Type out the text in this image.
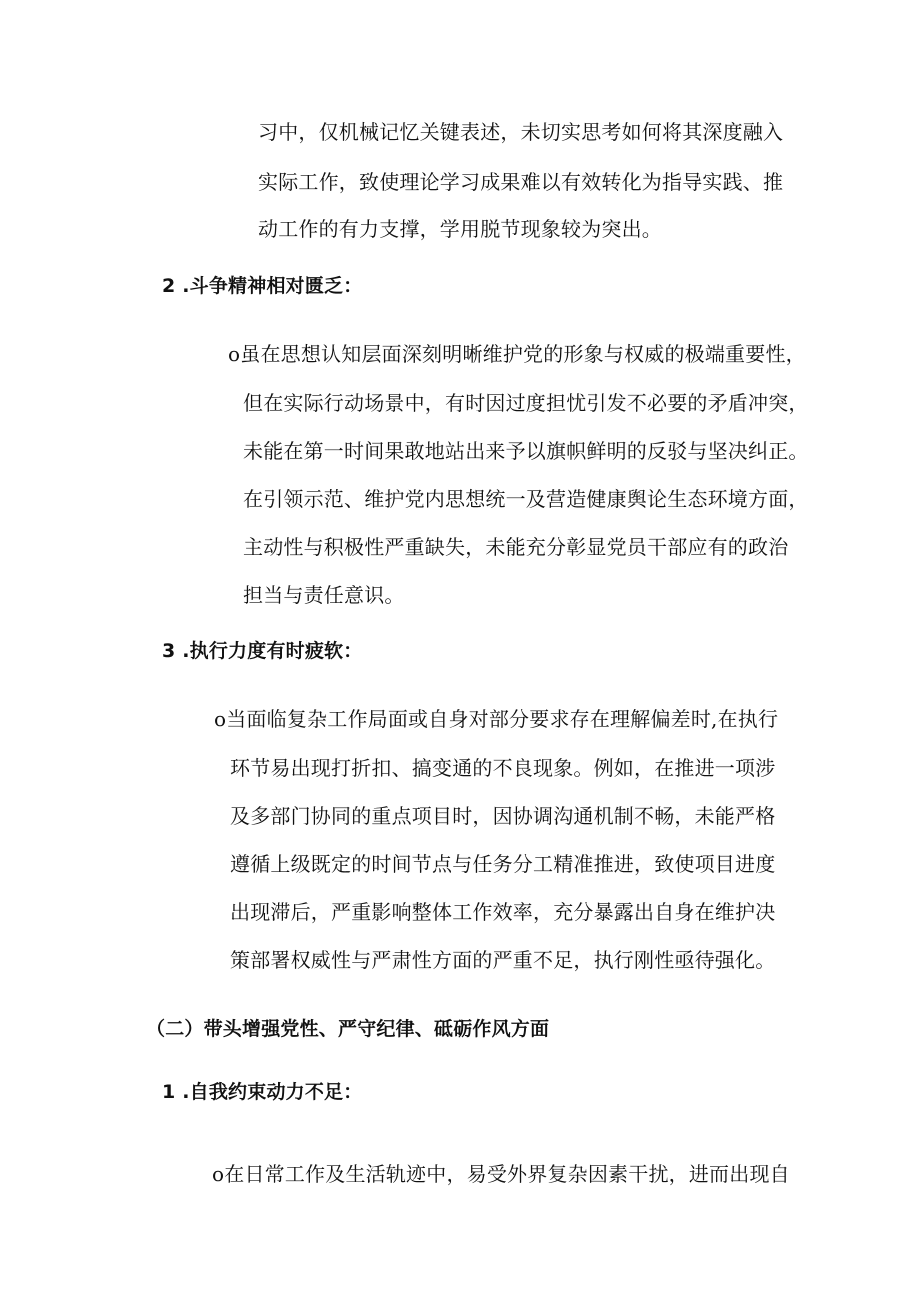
习中，仅机械记忆关键表述，未切实思考如何将其深度融入
实际工作，致使理论学习成果难以有效转化为指导实践、推
动工作的有力支撑，学用脱节现象较为突出。
2 .斗争精神相对匮乏：
o虽在思想认知层面深刻明晰维护党的形象与权威的极端重要性，
但在实际行动场景中，有时因过度担忧引发不必要的矛盾冲突，
未能在第一时间果敢地站出来予以旗帜鲜明的反驳与坚决纠正。
在引领示范、维护党内思想统一及营造健康舆论生态环境方面，
主动性与积极性严重缺失，未能充分彰显党员干部应有的政治
担当与责任意识。
3 .执行力度有时疲软：
o当面临复杂工作局面或自身对部分要求存在理解偏差时,在执行
环节易出现打折扣、搞变通的不良现象。例如，在推进一项涉
及多部门协同的重点项目时，因协调沟通机制不畅，未能严格
遵循上级既定的时间节点与任务分工精准推进，致使项目进度
出现滞后，严重影响整体工作效率，充分暴露出自身在维护决
策部署权威性与严肃性方面的严重不足，执行刚性亟待强化。
（二）带头增强党性、严守纪律、砥砺作风方面
1 .自我约束动力不足：
o在日常工作及生活轨迹中，易受外界复杂因素干扰，进而出现自
